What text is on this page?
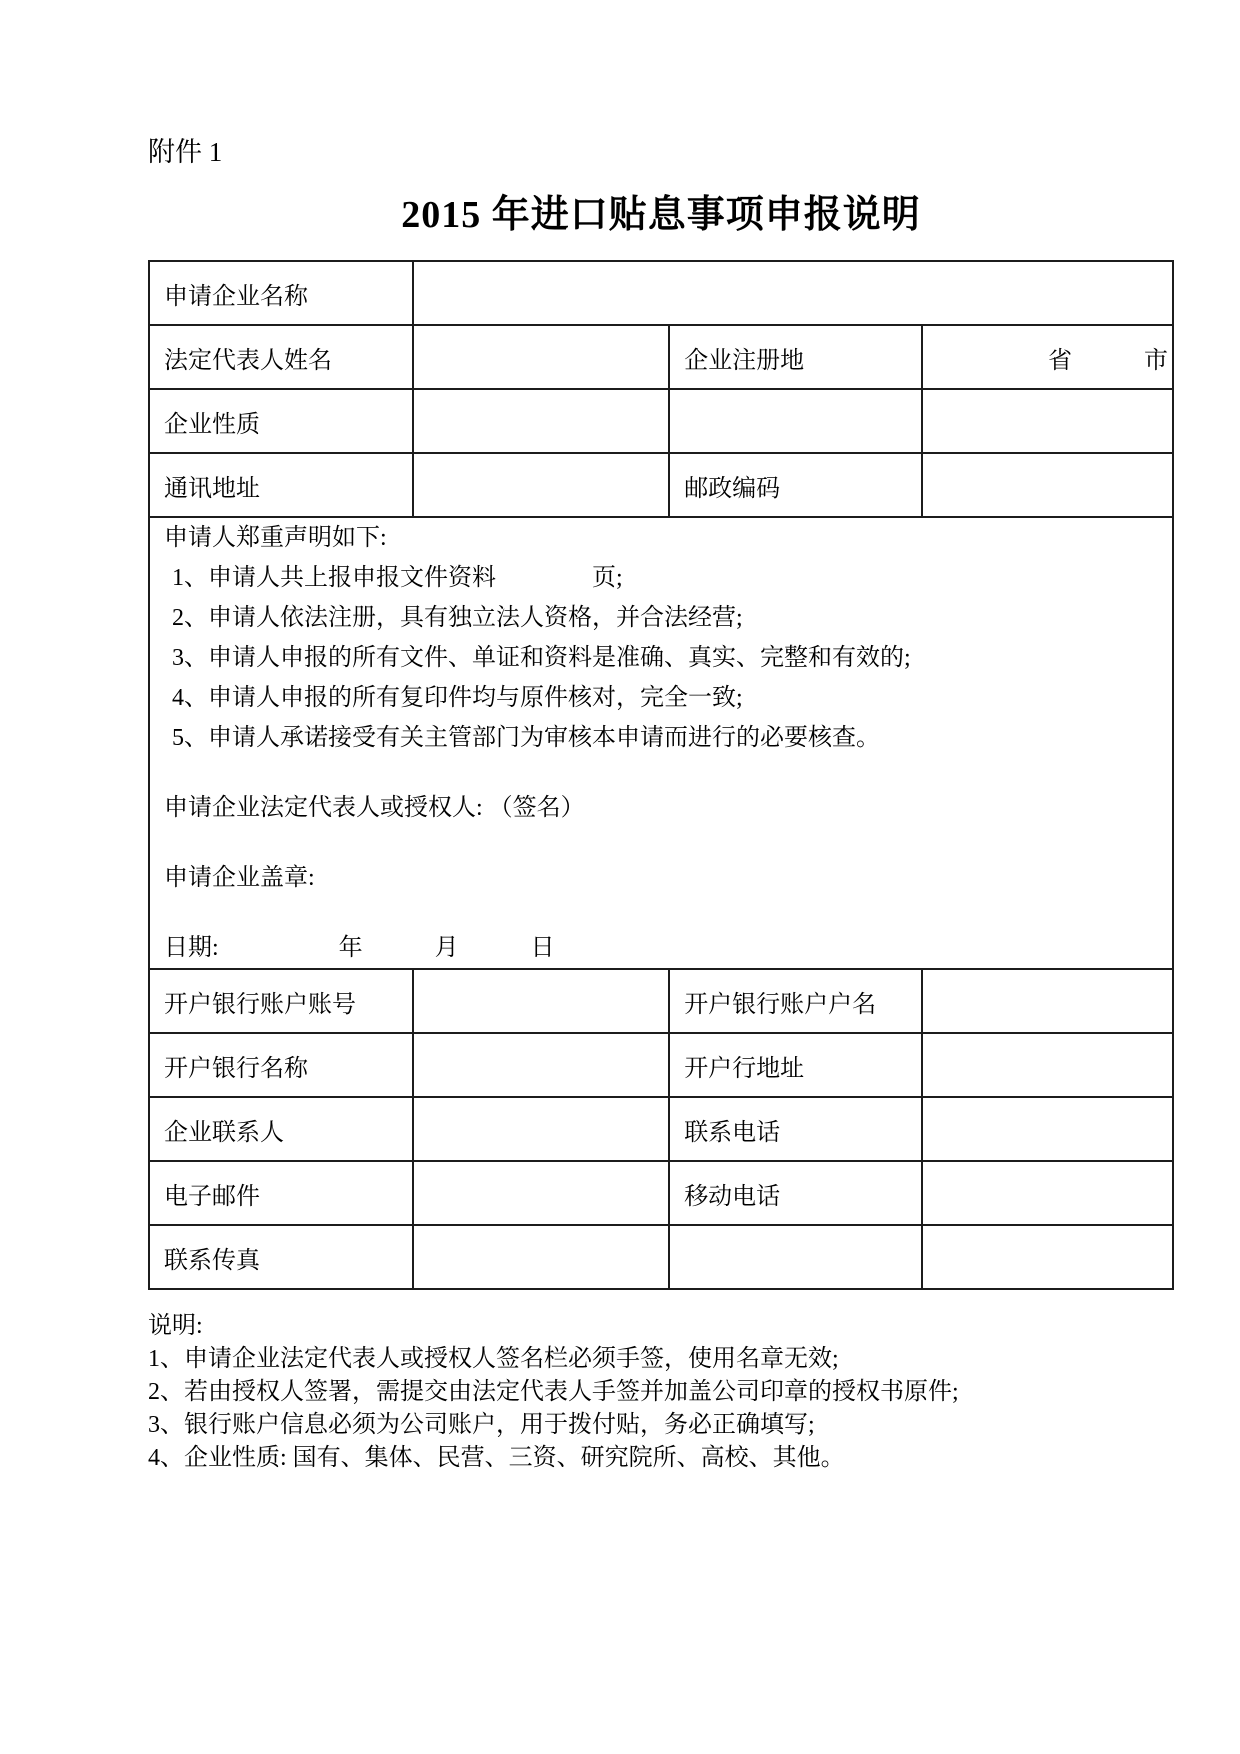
附件 1
2015 年进口贴息事项申报说明
申请企业名称			
法定代表人姓名		企业注册地	省　　　市
企业性质			
通讯地址		邮政编码	

申请人郑重声明如下:

1、申请人共上报申报文件资料　　　　页;

2、申请人依法注册，具有独立法人资格，并合法经营;

3、申请人申报的所有文件、单证和资料是准确、真实、完整和有效的;

4、申请人申报的所有复印件均与原件核对，完全一致;

5、申请人承诺接受有关主管部门为审核本申请而进行的必要核查。

申请企业法定代表人或授权人: （签名）

申请企业盖章:

日期:　　　　　年　　　月　　　日

开户银行账户账号		开户银行账户户名	
开户银行名称		开户行地址	
企业联系人		联系电话	
电子邮件		移动电话	
联系传真			

说明:

1、申请企业法定代表人或授权人签名栏必须手签，使用名章无效;

2、若由授权人签署，需提交由法定代表人手签并加盖公司印章的授权书原件;

3、银行账户信息必须为公司账户，用于拨付贴，务必正确填写;

4、企业性质: 国有、集体、民营、三资、研究院所、高校、其他。
